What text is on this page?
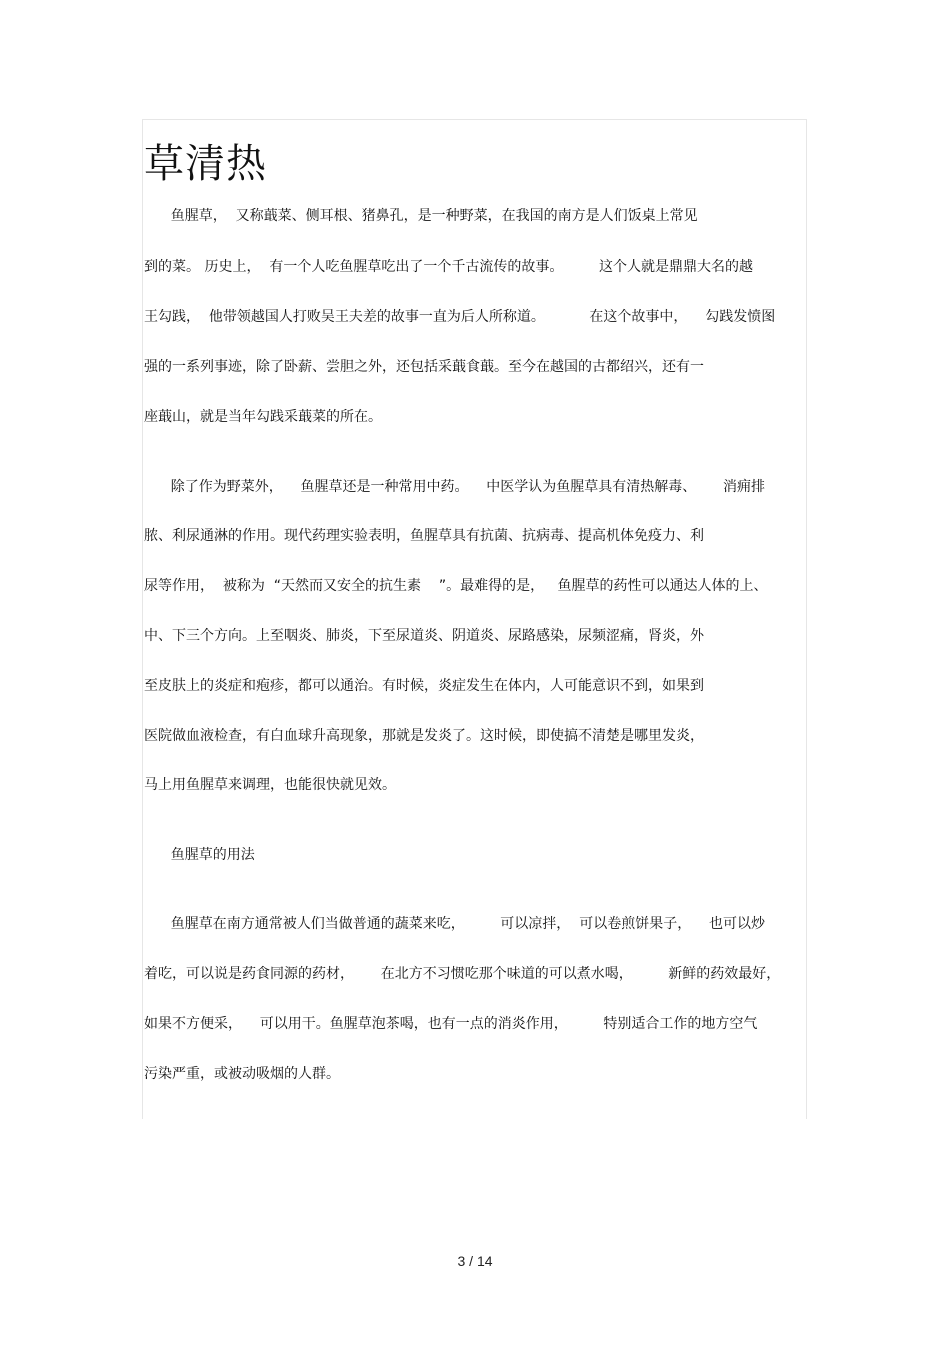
草清热
鱼腥草，  又称蕺菜、侧耳根、猪鼻孔，是一种野菜，在我国的南方是人们饭桌上常见
到的菜。 历史上，  有一个人吃鱼腥草吃出了一个千古流传的故事。        这个人就是鼎鼎大名的越
王勾践，  他带领越国人打败吴王夫差的故事一直为后人所称道。          在这个故事中，    勾践发愤图
强的一系列事迹，除了卧薪、尝胆之外，还包括采蕺食蕺。至今在越国的古都绍兴，还有一
座蕺山，就是当年勾践采蕺菜的所在。
除了作为野菜外，    鱼腥草还是一种常用中药。    中医学认为鱼腥草具有清热解毒、      消痈排
脓、利尿通淋的作用。现代药理实验表明，鱼腥草具有抗菌、抗病毒、提高机体免疫力、利
尿等作用，  被称为  “天然而又安全的抗生素    ”。最难得的是，   鱼腥草的药性可以通达人体的上、
中、下三个方向。上至咽炎、肺炎，下至尿道炎、阴道炎、尿路感染，尿频涩痛，肾炎，外
至皮肤上的炎症和疱疹，都可以通治。有时候，炎症发生在体内，人可能意识不到，如果到
医院做血液检查，有白血球升高现象，那就是发炎了。这时候，即使搞不清楚是哪里发炎，
马上用鱼腥草来调理，也能很快就见效。
鱼腥草的用法
鱼腥草在南方通常被人们当做普通的蔬菜来吃，        可以凉拌，  可以卷煎饼果子，    也可以炒
着吃，可以说是药食同源的药材，      在北方不习惯吃那个味道的可以煮水喝，        新鲜的药效最好，
如果不方便采，    可以用干。鱼腥草泡茶喝，也有一点的消炎作用，        特别适合工作的地方空气
污染严重，或被动吸烟的人群。
3 / 14
